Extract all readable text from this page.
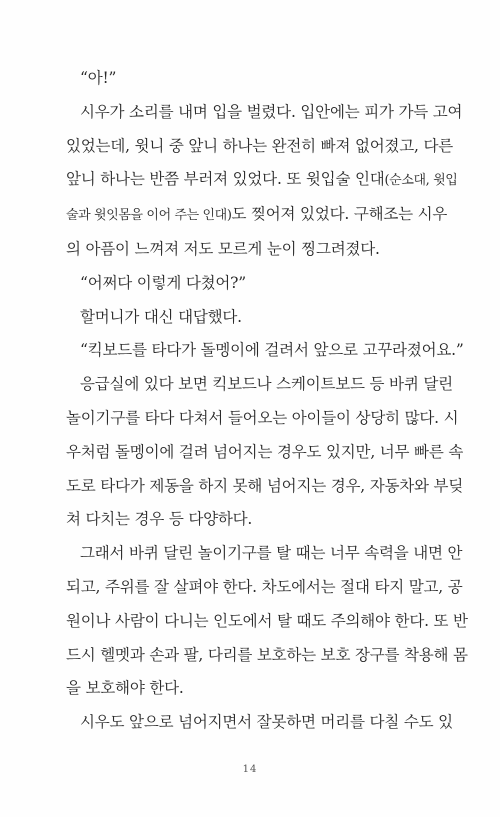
“아!”
시우가 소리를 내며 입을 벌렸다. 입안에는 피가 가득 고여
있었는데, 윗니 중 앞니 하나는 완전히 빠져 없어졌고, 다른
앞니 하나는 반쯤 부러져 있었다. 또 윗입술 인대(순소대, 윗입
술과 윗잇몸을 이어 주는 인대)도 찢어져 있었다. 구해조는 시우
의 아픔이 느껴져 저도 모르게 눈이 찡그려졌다.
“어쩌다 이렇게 다쳤어?”
할머니가 대신 대답했다.
“킥보드를 타다가 돌멩이에 걸려서 앞으로 고꾸라졌어요.”
응급실에 있다 보면 킥보드나 스케이트보드 등 바퀴 달린
놀이기구를 타다 다쳐서 들어오는 아이들이 상당히 많다. 시
우처럼 돌멩이에 걸려 넘어지는 경우도 있지만, 너무 빠른 속
도로 타다가 제동을 하지 못해 넘어지는 경우, 자동차와 부딪
쳐 다치는 경우 등 다양하다.
그래서 바퀴 달린 놀이기구를 탈 때는 너무 속력을 내면 안
되고, 주위를 잘 살펴야 한다. 차도에서는 절대 타지 말고, 공
원이나 사람이 다니는 인도에서 탈 때도 주의해야 한다. 또 반
드시 헬멧과 손과 팔, 다리를 보호하는 보호 장구를 착용해 몸
을 보호해야 한다.
시우도 앞으로 넘어지면서 잘못하면 머리를 다칠 수도 있
14
